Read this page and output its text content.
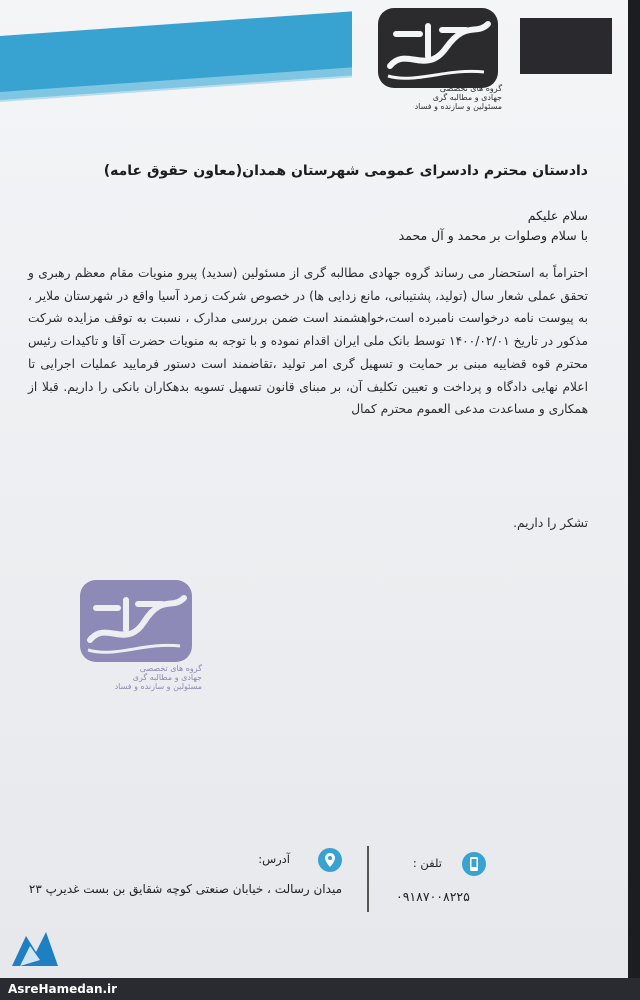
گروه های تخصصی
جهادی و مطالبه گری
مسئولین و سازنده و فساد
دادستان محترم دادسرای عمومی شهرستان همدان(معاون حقوق عامه)
سلام علیکم
با سلام وصلوات بر محمد و آل محمد
احتراماً به استحضار می رساند گروه جهادی مطالبه گری از مسئولین (سدید) پیرو منویات مقام معظم رهبری و تحقق عملی شعار سال (تولید، پشتیبانی، مانع زدایی ها) در خصوص شرکت زمرد آسیا واقع در شهرستان ملایر ، به پیوست نامه درخواست نامبرده است،خواهشمند است ضمن بررسی مدارک ، نسبت به توقف مزایده شرکت مذکور در تاریخ ۱۴۰۰/۰۲/۰۱ توسط بانک ملی ایران اقدام نموده و با توجه به منویات حضرت آقا و تاکیدات رئیس محترم قوه قضاییه مبنی بر حمایت و تسهیل گری امر تولید ،تقاضمند است دستور فرمایید عملیات اجرایی تا اعلام نهایی دادگاه و پرداخت و تعیین تکلیف آن، بر مبنای قانون تسهیل تسویه بدهکاران بانکی را داریم. قبلا از همکاری و مساعدت مدعی العموم محترم کمال
تشکر را داریم.
گروه های تخصصی
جهادی و مطالبه گری
مسئولین و سازنده و فساد
آدرس:
میدان رسالت ، خیابان صنعتی کوچه شقایق بن بست غدیرپ ۲۳
تلفن :
۰۹۱۸۷۰۰۸۲۲۵
AsreHamedan.ir
